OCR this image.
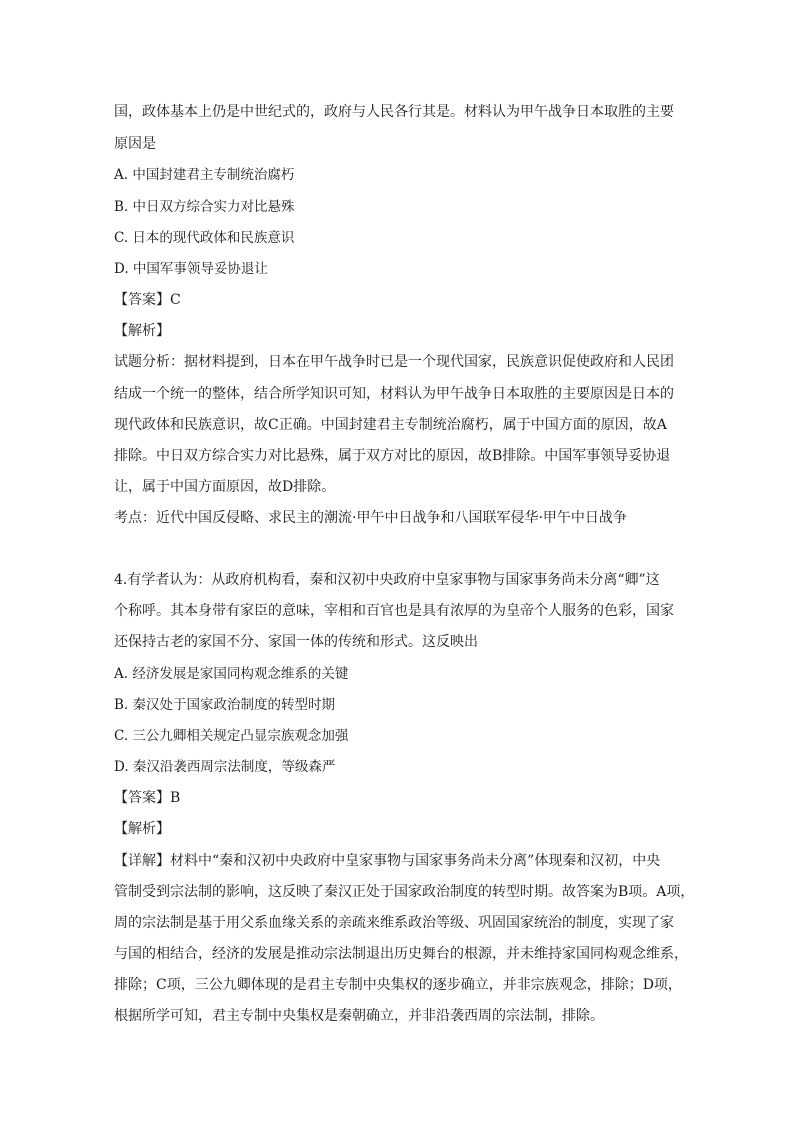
国，政体基本上仍是中世纪式的，政府与人民各行其是。材料认为甲午战争日本取胜的主要
原因是
A. 中国封建君主专制统治腐朽
B. 中日双方综合实力对比悬殊
C. 日本的现代政体和民族意识
D. 中国军事领导妥协退让
【答案】C
【解析】
试题分析：据材料提到，日本在甲午战争时已是一个现代国家，民族意识促使政府和人民团
结成一个统一的整体，结合所学知识可知，材料认为甲午战争日本取胜的主要原因是日本的
现代政体和民族意识，故C正确。中国封建君主专制统治腐朽，属于中国方面的原因，故A
排除。中日双方综合实力对比悬殊，属于双方对比的原因，故B排除。中国军事领导妥协退
让，属于中国方面原因，故D排除。
考点：近代中国反侵略、求民主的潮流·甲午中日战争和八国联军侵华·甲午中日战争
4.有学者认为：从政府机构看，秦和汉初中央政府中皇家事物与国家事务尚未分离“卿”这
个称呼。其本身带有家臣的意味，宰相和百官也是具有浓厚的为皇帝个人服务的色彩，国家
还保持古老的家国不分、家国一体的传统和形式。这反映出
A. 经济发展是家国同构观念维系的关键
B. 秦汉处于国家政治制度的转型时期
C. 三公九卿相关规定凸显宗族观念加强
D. 秦汉沿袭西周宗法制度，等级森严
【答案】B
【解析】
【详解】材料中“秦和汉初中央政府中皇家事物与国家事务尚未分离”体现秦和汉初，中央
管制受到宗法制的影响，这反映了秦汉正处于国家政治制度的转型时期。故答案为B项。A项，
周的宗法制是基于用父系血缘关系的亲疏来维系政治等级、巩固国家统治的制度，实现了家
与国的相结合，经济的发展是推动宗法制退出历史舞台的根源，并未维持家国同构观念维系，
排除；C项，三公九卿体现的是君主专制中央集权的逐步确立，并非宗族观念，排除；D项，
根据所学可知，君主专制中央集权是秦朝确立，并非沿袭西周的宗法制，排除。
